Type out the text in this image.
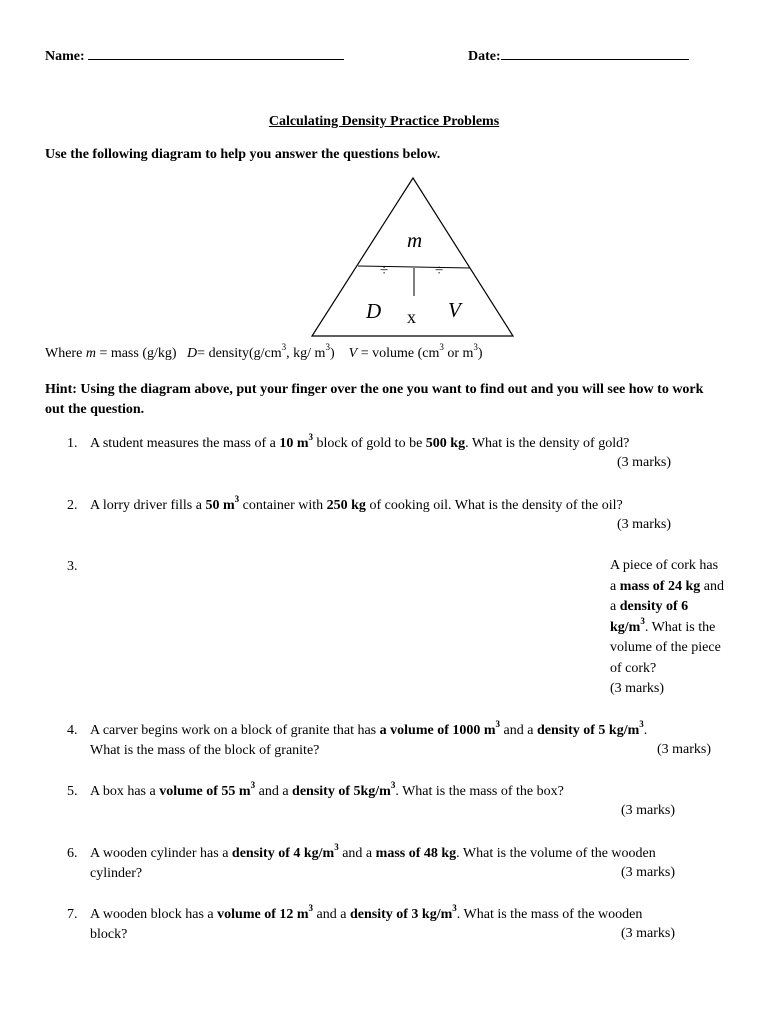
Name:	Date:
Calculating Density Practice Problems
Use the following diagram to help you answer the questions below.
m
÷	÷
D x V
Where m = mass (g/kg) $D= density(g/cm^3$, kg/ $m^3$) V = volume ($cm^3$ or $m^3$)
Hint: Using the diagram above, put your finger over the one you want to find out and you will see how to work out the question.
1. A student measures the mass of a 10 $m^3$ block of gold to be 500 kg. What is the density of gold?
(3 marks)
2. A lorry driver fills a 50 $m^3$ container with 250 kg of cooking oil. What is the density of the oil?
(3 marks)
3.	A piece of cork has a mass of 24 kg and a density of 6 $kg/m^3$. What is the volume of the piece of cork?
(3 marks)
4. A carver begins work on a block of granite that has a volume of 1000 $m^3$ and a density of 5 $kg/m^3$.
What is the mass of the block of granite?	(3 marks)
5. A box has a volume of 55 $m^3$ and a density of $5kg/m^3$. What is the mass of the box?
(3 marks)
6. A wooden cylinder has a density of 4 $kg/m^3$ and a mass of 48 kg. What is the volume of the wooden
cylinder?	(3 marks)
7. A wooden block has a volume of 12 $m^3$ and a density of 3 $kg/m^3$. What is the mass of the wooden
block?	(3 marks)
